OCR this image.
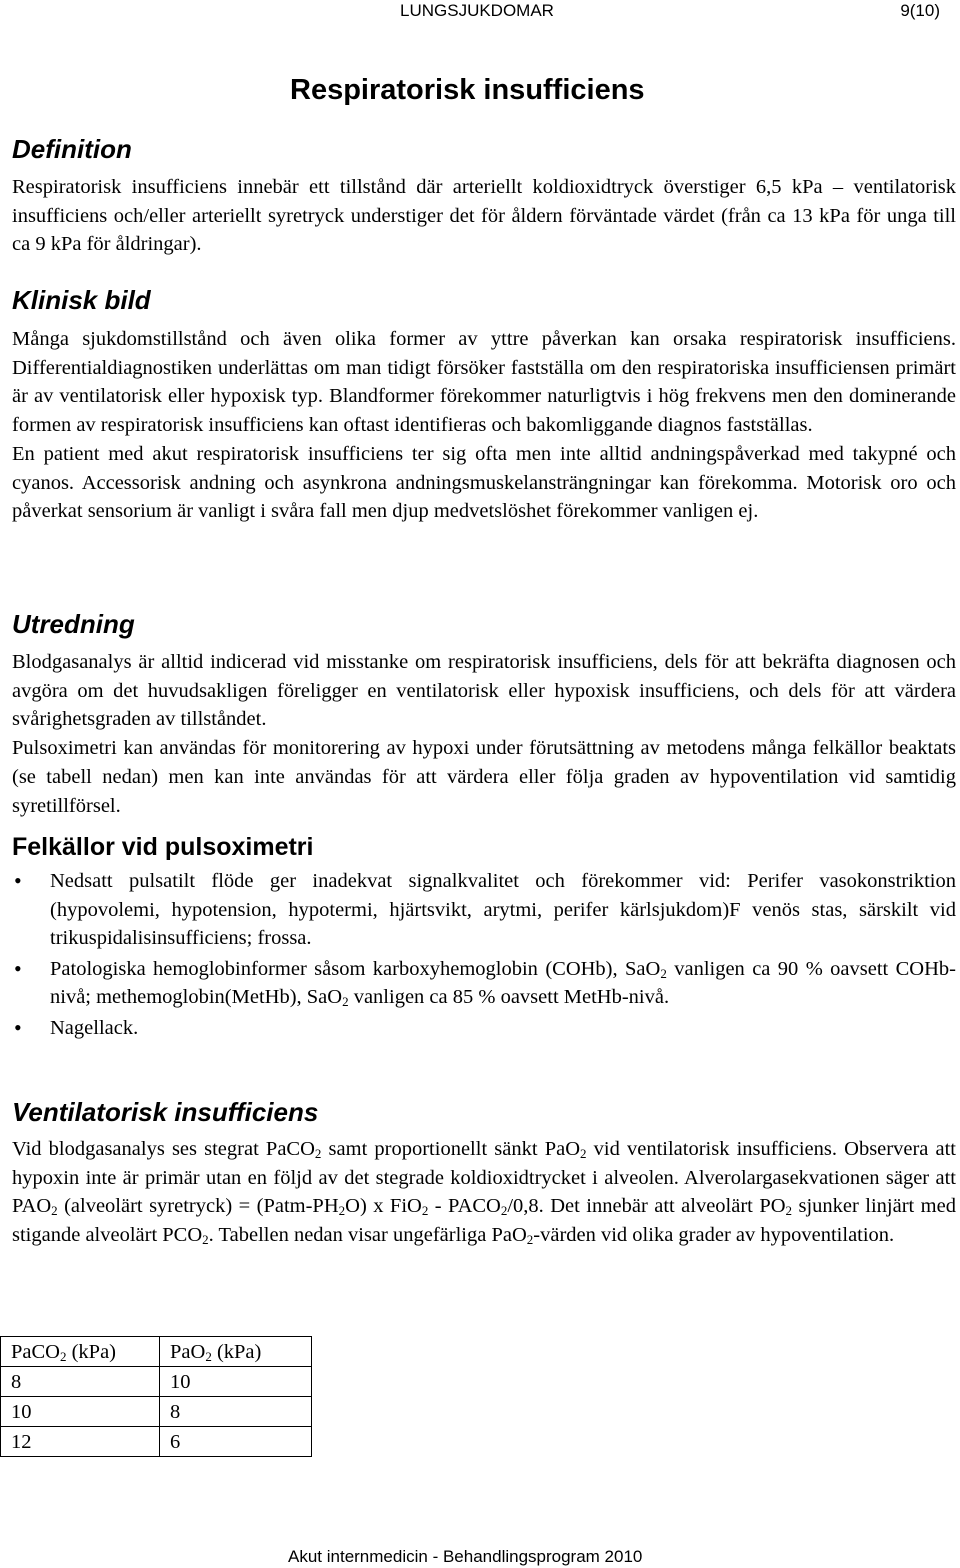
LUNGSJUKDOMAR	9(10)
Respiratorisk insufficiens
Definition

Respiratorisk insufficiens innebär ett tillstånd där arteriellt koldioxidtryck överstiger 6,5 kPa – ventilatorisk insufficiens och/eller arteriellt syretryck understiger det för åldern förväntade värdet (från ca 13 kPa för unga till ca 9 kPa för åldringar).

Klinisk bild

Många sjukdomstillstånd och även olika former av yttre påverkan kan orsaka respiratorisk insufficiens. Differentialdiagnostiken underlättas om man tidigt försöker fastställa om den respiratoriska insufficiensen primärt är av ventilatorisk eller hypoxisk typ. Blandformer förekommer naturligtvis i hög frekvens men den dominerande formen av respiratorisk insufficiens kan oftast identifieras och bakomliggande diagnos fastställas.

En patient med akut respiratorisk insufficiens ter sig ofta men inte alltid andningspåverkad med takypné och cyanos. Accessorisk andning och asynkrona andningsmuskelansträngningar kan förekomma. Motorisk oro och påverkat sensorium är vanligt i svåra fall men djup medvetslöshet förekommer vanligen ej.

Utredning

Blodgasanalys är alltid indicerad vid misstanke om respiratorisk insufficiens, dels för att bekräfta diagnosen och avgöra om det huvudsakligen föreligger en ventilatorisk eller hypoxisk insufficiens, och dels för att värdera svårighetsgraden av tillståndet.

Pulsoximetri kan användas för monitorering av hypoxi under förutsättning av metodens många felkällor beaktats (se tabell nedan) men kan inte användas för att värdera eller följa graden av hypoventilation vid samtidig syretillförsel.

Felkällor vid pulsoximetri
• Nedsatt pulsatilt flöde ger inadekvat signalkvalitet och förekommer vid: Perifer vasokonstriktion (hypovolemi, hypotension, hypotermi, hjärtsvikt, arytmi, perifer kärlsjukdom)F venös stas, särskilt vid trikuspidalisinsufficiens; frossa.
• Patologiska hemoglobinformer såsom karboxyhemoglobin (COHb), SaO$_2$ vanligen ca 90 % oavsett COHb-nivå; methemoglobin(MetHb), SaO$_2$ vanligen ca 85 % oavsett MetHb-nivå.
• Nagellack.
Ventilatorisk insufficiens

Vid blodgasanalys ses stegrat PaCO$_2$ samt proportionellt sänkt PaO$_2$ vid ventilatorisk insufficiens. Observera att hypoxin inte är primär utan en följd av det stegrade koldioxidtrycket i alveolen. Alverolargasekvationen säger att $PAO_2$ (alveolärt syretryck) = $(Patm-PH_2O)$ x $FiO_2 - PACO_2/0,8$. Det innebär att alveolärt $PO_2$ sjunker linjärt med stigande alveolärt $PCO_2$. Tabellen nedan visar ungefärliga PaO$_2$-värden vid olika grader av hypoventilation.

PaCO$_2$ (kPa)	PaO$_2$ (kPa)
8	10
10	8
12	6
Akut internmedicin - Behandlingsprogram 2010
